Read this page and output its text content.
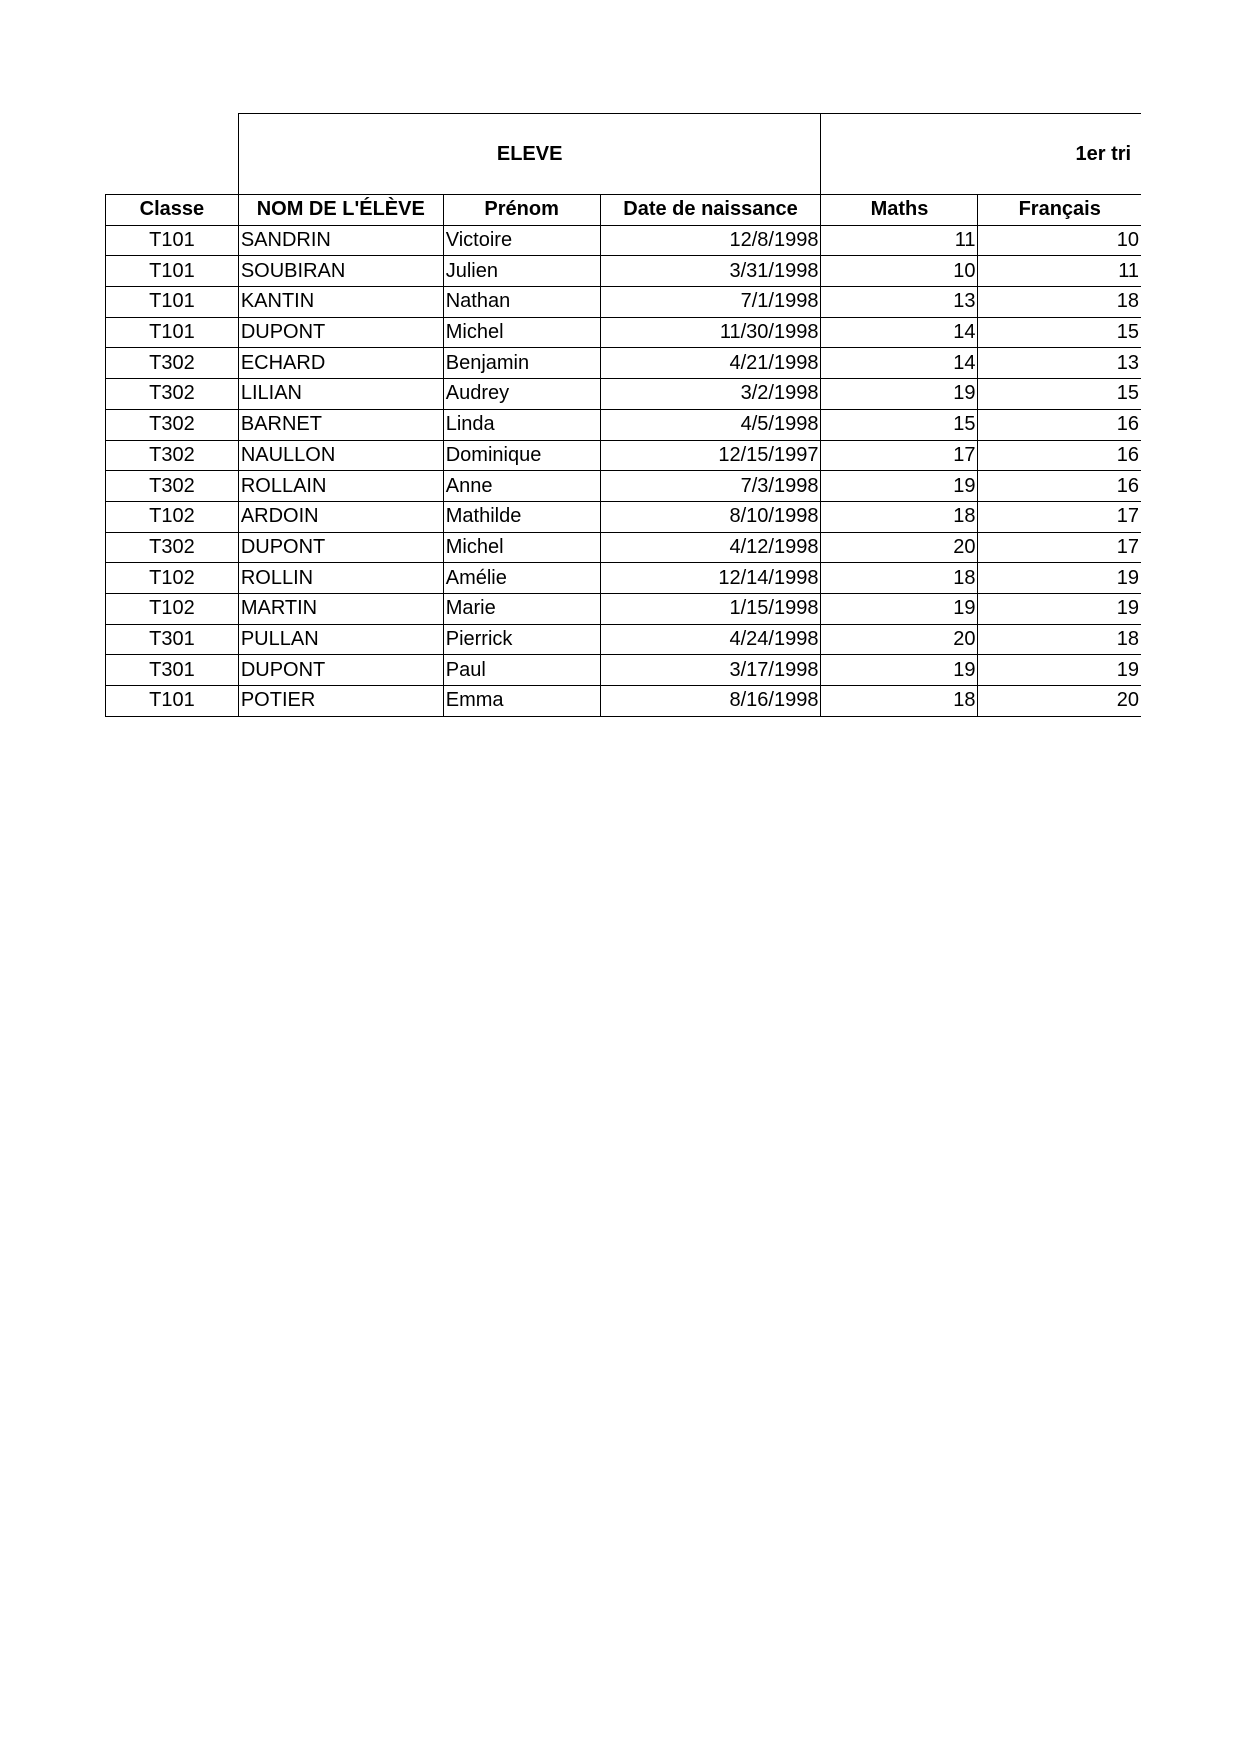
	ELEVE			1er tri	
Classe	NOM DE L'ÉLÈVE	Prénom	Date de naissance	Maths	Français
T101	SANDRIN	Victoire	12/8/1998	11	10
T101	SOUBIRAN	Julien	3/31/1998	10	11
T101	KANTIN	Nathan	7/1/1998	13	18
T101	DUPONT	Michel	11/30/1998	14	15
T302	ECHARD	Benjamin	4/21/1998	14	13
T302	LILIAN	Audrey	3/2/1998	19	15
T302	BARNET	Linda	4/5/1998	15	16
T302	NAULLON	Dominique	12/15/1997	17	16
T302	ROLLAIN	Anne	7/3/1998	19	16
T102	ARDOIN	Mathilde	8/10/1998	18	17
T302	DUPONT	Michel	4/12/1998	20	17
T102	ROLLIN	Amélie	12/14/1998	18	19
T102	MARTIN	Marie	1/15/1998	19	19
T301	PULLAN	Pierrick	4/24/1998	20	18
T301	DUPONT	Paul	3/17/1998	19	19
T101	POTIER	Emma	8/16/1998	18	20
